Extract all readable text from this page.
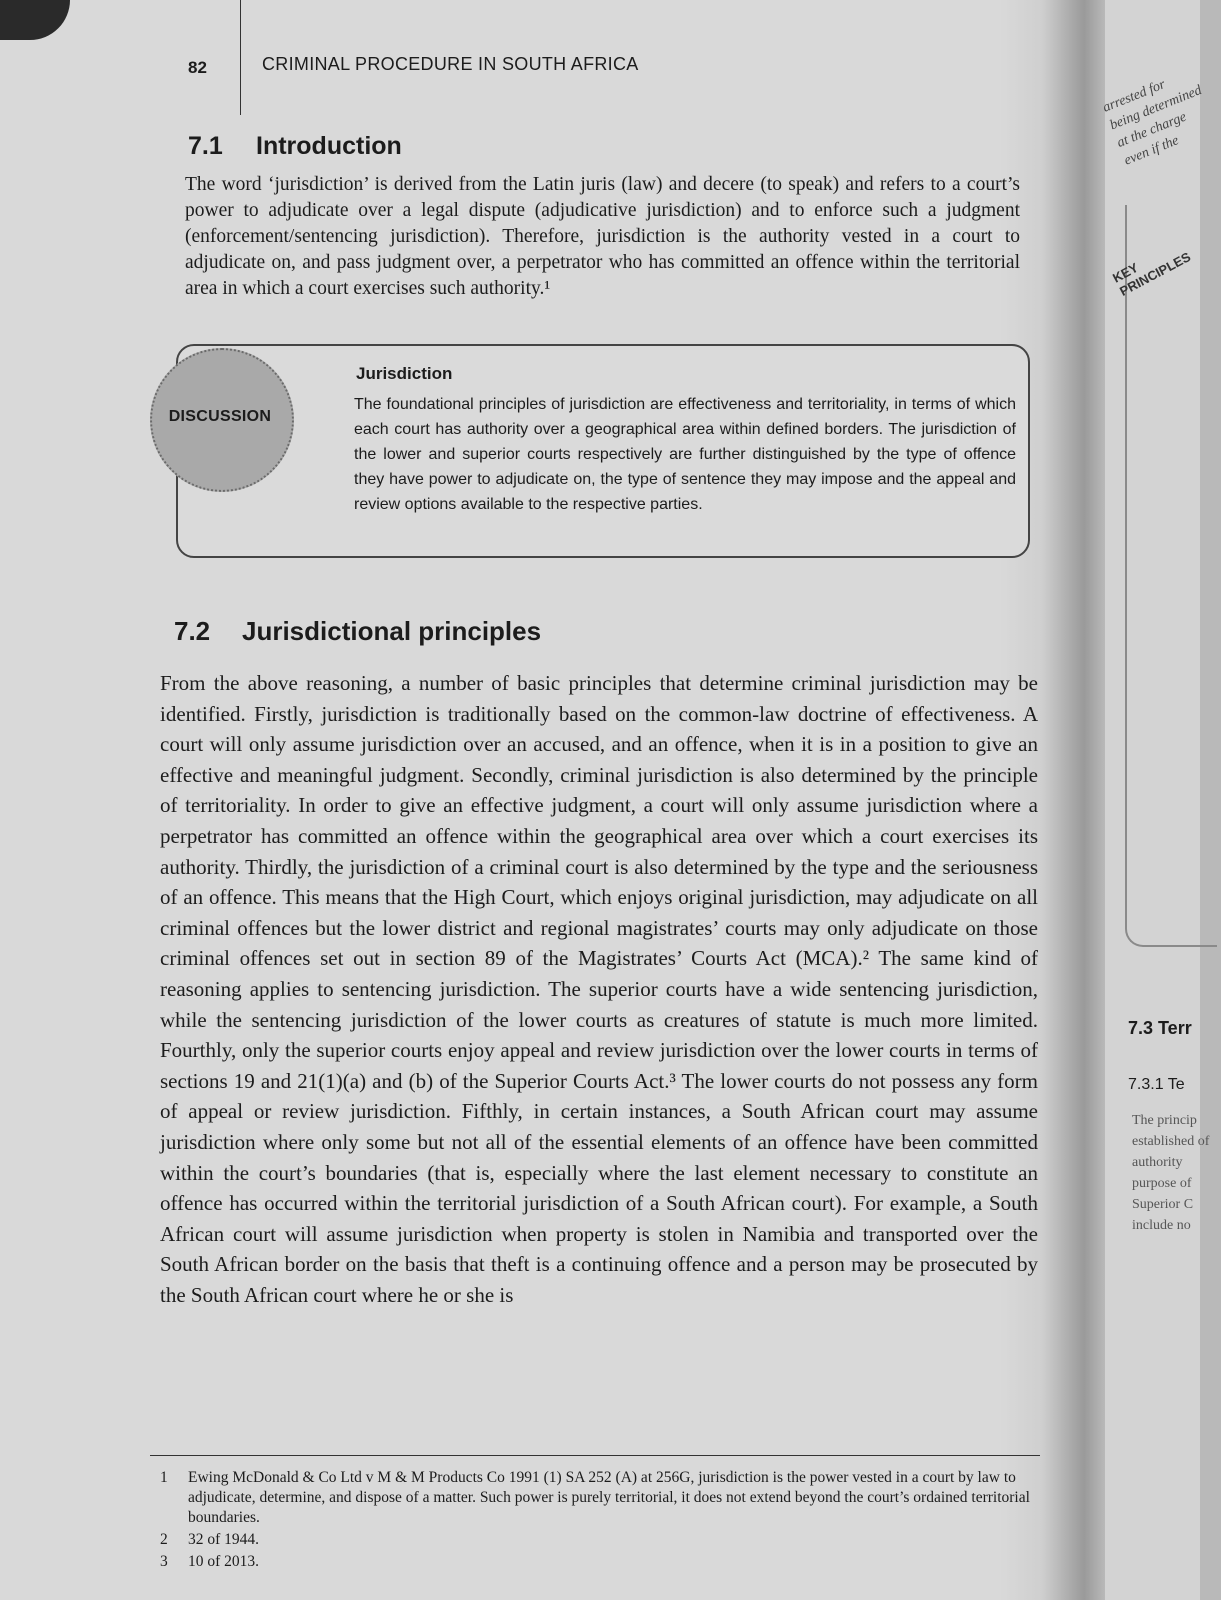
82	CRIMINAL PROCEDURE IN SOUTH AFRICA
7.1 Introduction

The word ‘jurisdiction’ is derived from the Latin juris (law) and decere (to speak) and refers to a court’s power to adjudicate over a legal dispute (adjudicative jurisdiction) and to enforce such a judgment (enforcement/sentencing jurisdiction). Therefore, jurisdiction is the authority vested in a court to adjudicate on, and pass judgment over, a perpetrator who has committed an offence within the territorial area in which a court exercises such authority.¹

DISCUSSION
Jurisdiction

The foundational principles of jurisdiction are effectiveness and territoriality, in terms of which each court has authority over a geographical area within defined borders. The jurisdiction of the lower and superior courts respectively are further distinguished by the type of offence they have power to adjudicate on, the type of sentence they may impose and the appeal and review options available to the respective parties.

7.2 Jurisdictional principles

From the above reasoning, a number of basic principles that determine criminal jurisdiction may be identified. Firstly, jurisdiction is traditionally based on the common-law doctrine of effectiveness. A court will only assume jurisdiction over an accused, and an offence, when it is in a position to give an effective and meaningful judgment. Secondly, criminal jurisdiction is also determined by the principle of territoriality. In order to give an effective judgment, a court will only assume jurisdiction where a perpetrator has committed an offence within the geographical area over which a court exercises its authority. Thirdly, the jurisdiction of a criminal court is also determined by the type and the seriousness of an offence. This means that the High Court, which enjoys original jurisdiction, may adjudicate on all criminal offences but the lower district and regional magistrates’ courts may only adjudicate on those criminal offences set out in section 89 of the Magistrates’ Courts Act (MCA).² The same kind of reasoning applies to sentencing jurisdiction. The superior courts have a wide sentencing jurisdiction, while the sentencing jurisdiction of the lower courts as creatures of statute is much more limited. Fourthly, only the superior courts enjoy appeal and review jurisdiction over the lower courts in terms of sections 19 and 21(1)(a) and (b) of the Superior Courts Act.³ The lower courts do not possess any form of appeal or review jurisdiction. Fifthly, in certain instances, a South African court may assume jurisdiction where only some but not all of the essential elements of an offence have been committed within the court’s boundaries (that is, especially where the last element necessary to constitute an offence has occurred within the territorial jurisdiction of a South African court). For example, a South African court will assume jurisdiction when property is stolen in Namibia and transported over the South African border on the basis that theft is a continuing offence and a person may be prosecuted by the South African court where he or she is

1 Ewing McDonald & Co Ltd v M & M Products Co 1991 (1) SA 252 (A) at 256G, jurisdiction is the power vested in a court by law to adjudicate, determine, and dispose of a matter. Such power is purely territorial, it does not extend beyond the court’s ordained territorial boundaries.

2 32 of 1944.

3 10 of 2013.

arrested for being determined at the charge even if the
KEY PRINCIPLES
7.3 Terr
7.3.1 Te
The princip established of authority purpose of Superior C include no
